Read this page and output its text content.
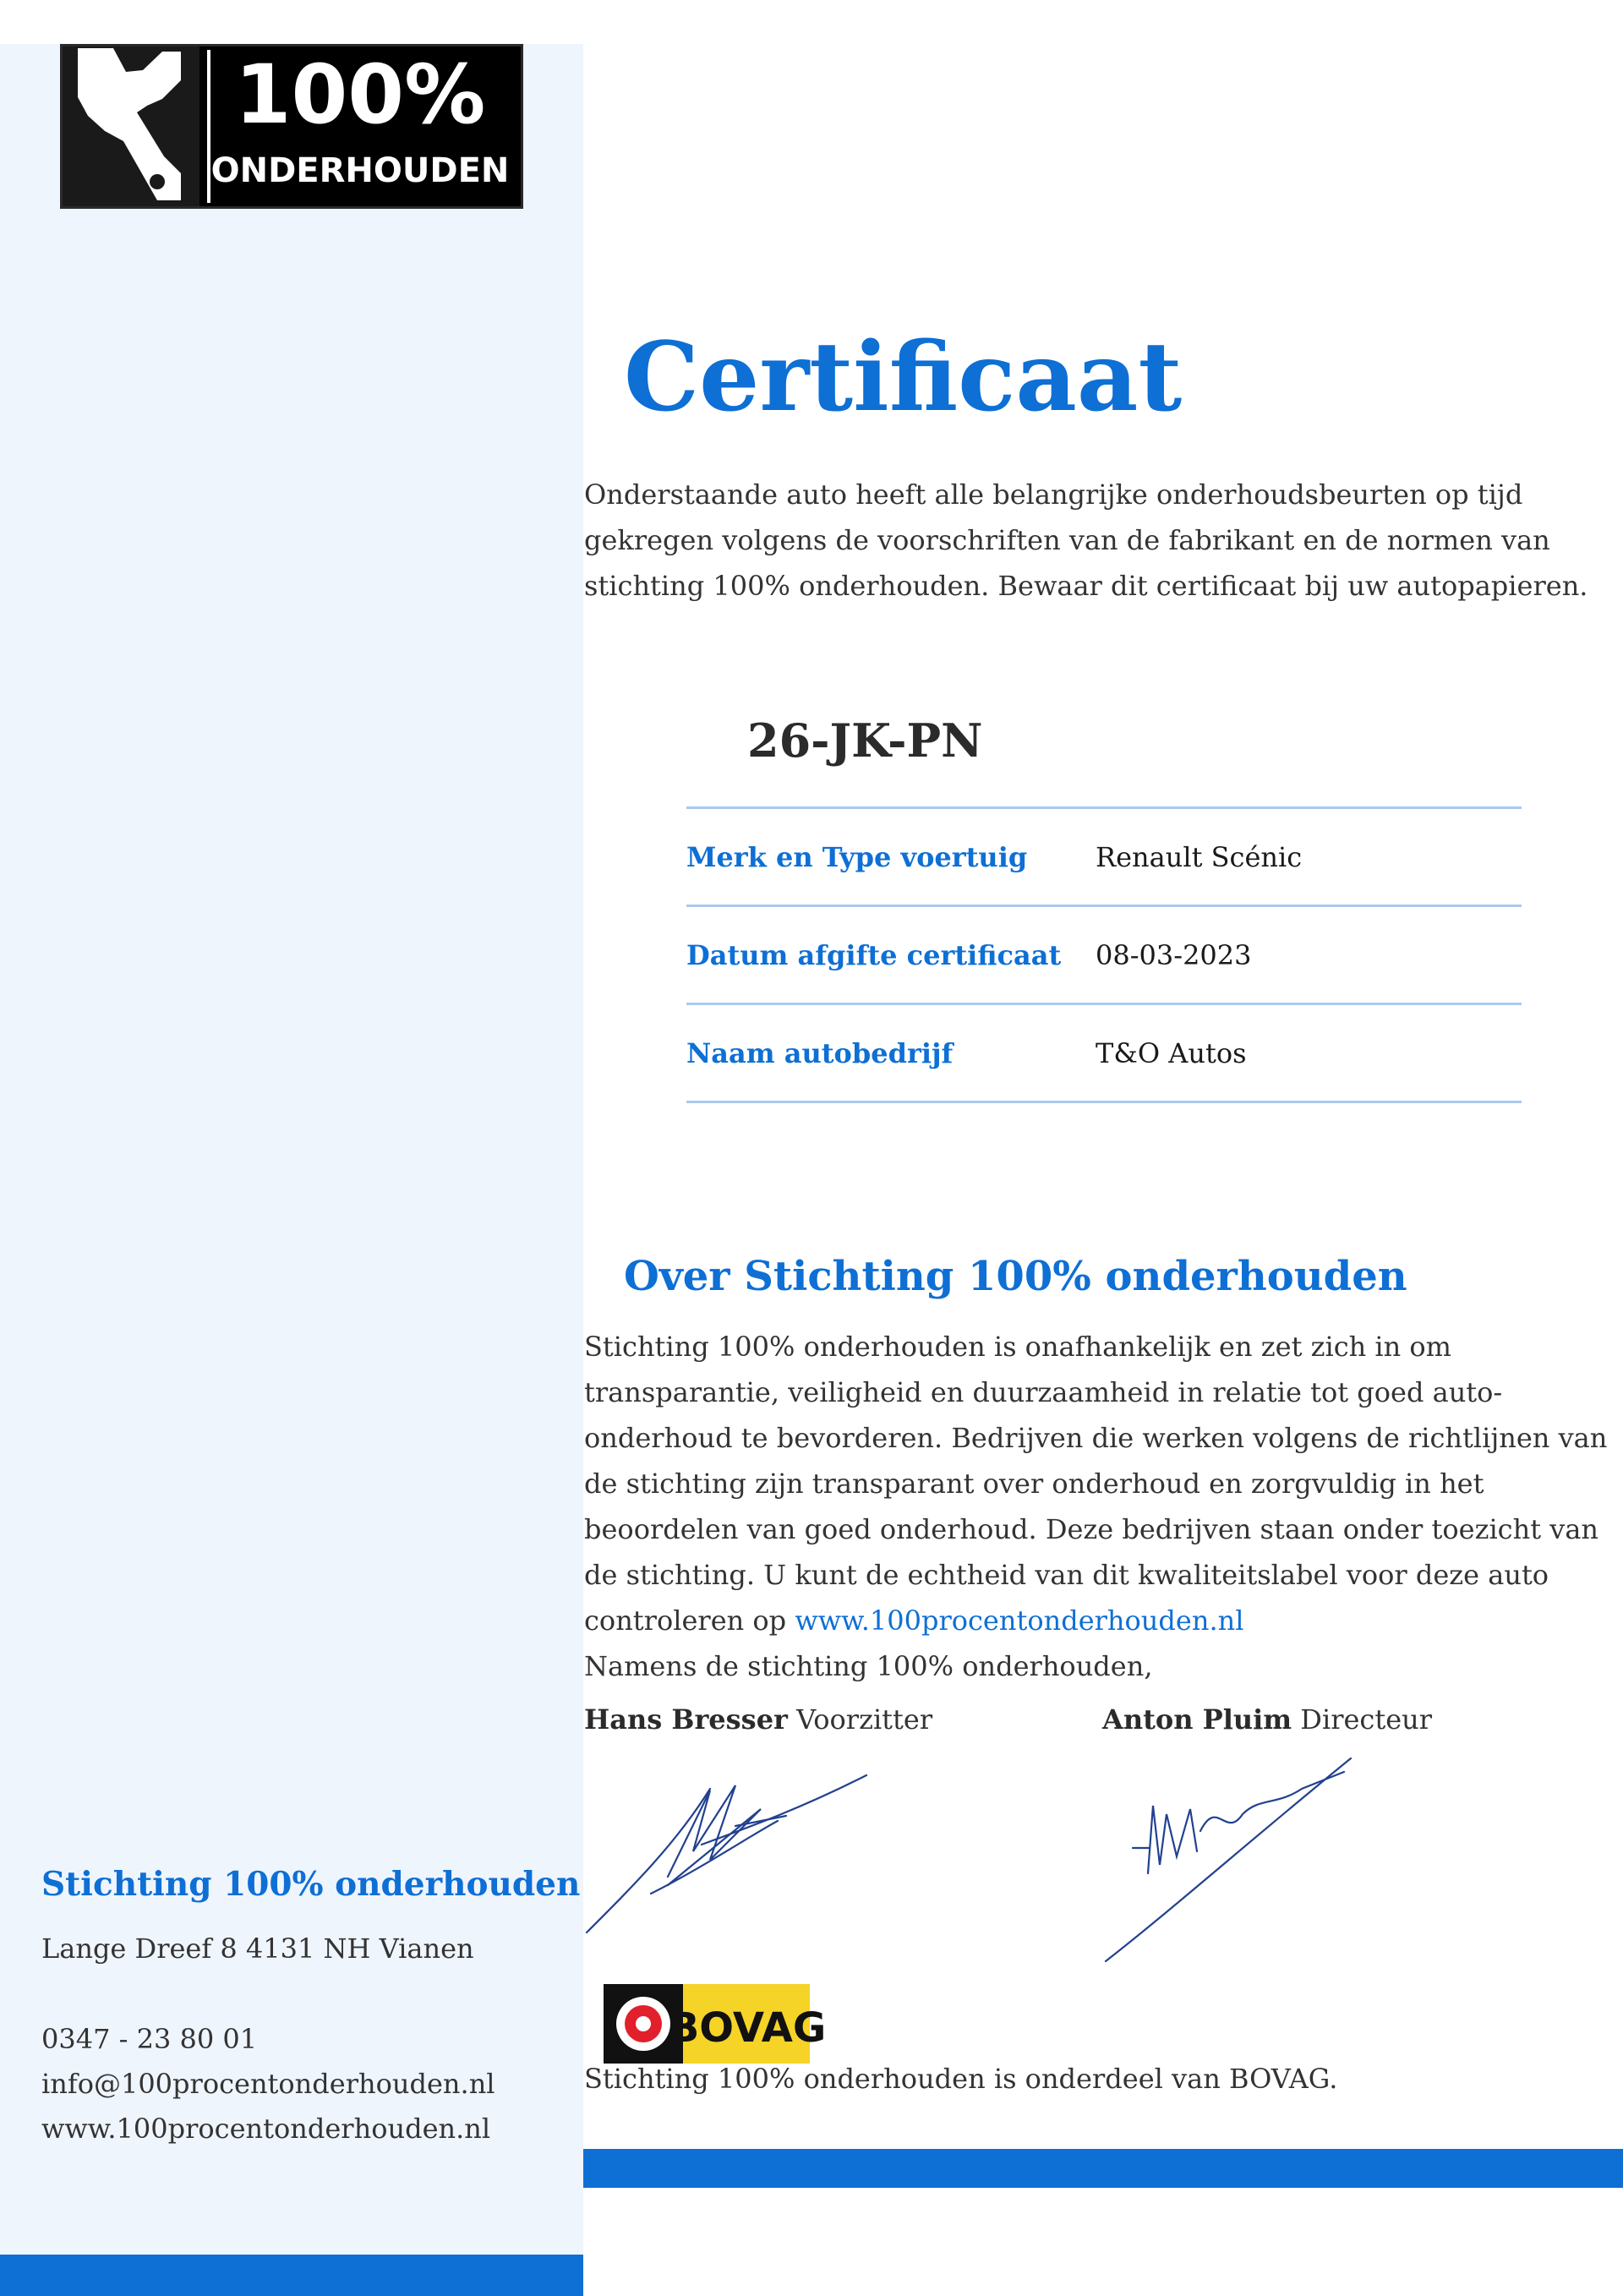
100%
ONDERHOUDEN
Certificaat

Onderstaande auto heeft alle belangrijke onderhoudsbeurten op tijd gekregen volgens de voorschriften van de fabrikant en de normen van stichting 100% onderhouden. Bewaar dit certificaat bij uw autopapieren.

26-JK-PN
Merk en Type voertuig	Renault Scénic
Datum afgifte certificaat	08-03-2023
Naam autobedrijf	T&O Autos
Over Stichting 100% onderhouden
Stichting 100% onderhouden is onafhankelijk en zet zich in om transparantie, veiligheid en duurzaamheid in relatie tot goed auto-onderhoud te bevorderen. Bedrijven die werken volgens de richtlijnen van de stichting zijn transparant over onderhoud en zorgvuldig in het beoordelen van goed onderhoud. Deze bedrijven staan onder toezicht van de stichting. U kunt de echtheid van dit kwaliteitslabel voor deze auto controleren op www.100procentonderhouden.nl
Namens de stichting 100% onderhouden,
Hans Bresser Voorzitter	Anton Pluim Directeur
BOVAG

Stichting 100% onderhouden is onderdeel van BOVAG.

Stichting 100% onderhouden

Lange Dreef 8 4131 NH Vianen

0347 - 23 80 01
info@100procentonderhouden.nl
www.100procentonderhouden.nl
